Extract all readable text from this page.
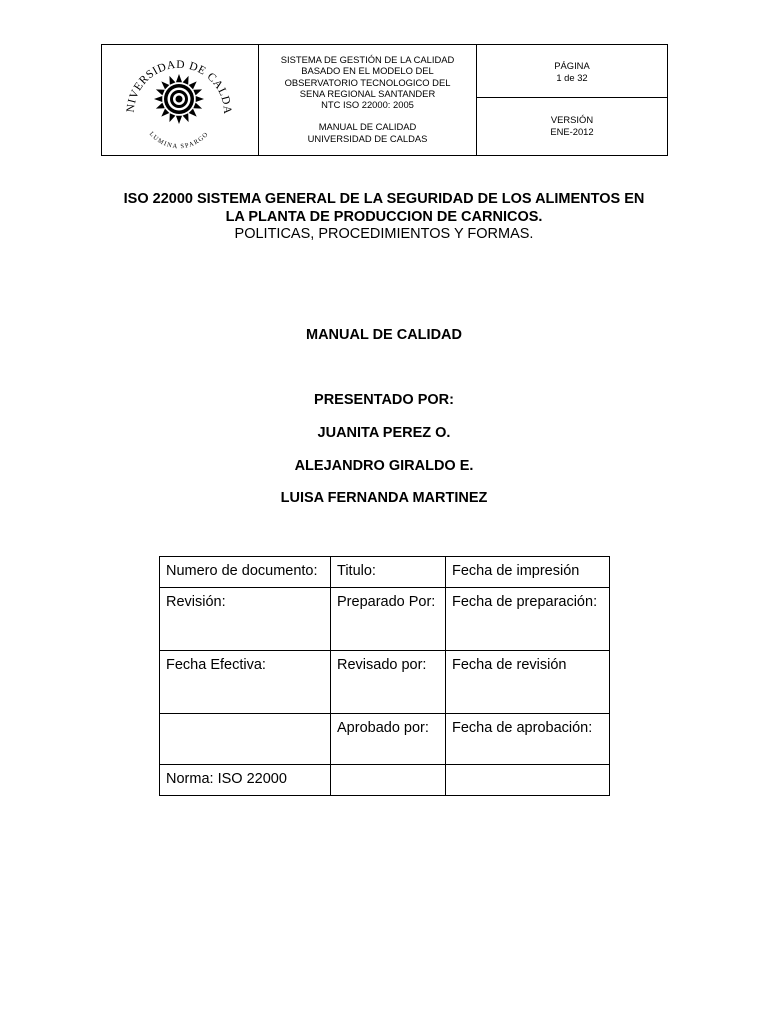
NIVERSIDAD DE CALDA
LUMINA SPARGO
SISTEMA DE GESTIÓN DE LA CALIDAD
BASADO EN EL MODELO DEL
OBSERVATORIO TECNOLOGICO DEL
SENA REGIONAL SANTANDER
NTC ISO 22000: 2005
MANUAL DE CALIDAD
UNIVERSIDAD DE CALDAS
PÁGINA
1 de 32
VERSIÓN
ENE-2012
ISO 22000 SISTEMA GENERAL DE LA SEGURIDAD DE LOS ALIMENTOS EN
LA PLANTA DE PRODUCCION DE CARNICOS.
POLITICAS, PROCEDIMIENTOS Y FORMAS.
MANUAL DE CALIDAD
PRESENTADO POR:
JUANITA PEREZ O.
ALEJANDRO GIRALDO E.
LUISA FERNANDA MARTINEZ
Numero de documento:	Titulo:	Fecha de impresión
Revisión:	Preparado Por:	Fecha de preparación:
Fecha Efectiva:	Revisado por:	Fecha de revisión
	Aprobado por:	Fecha de aprobación:
Norma: ISO 22000		
